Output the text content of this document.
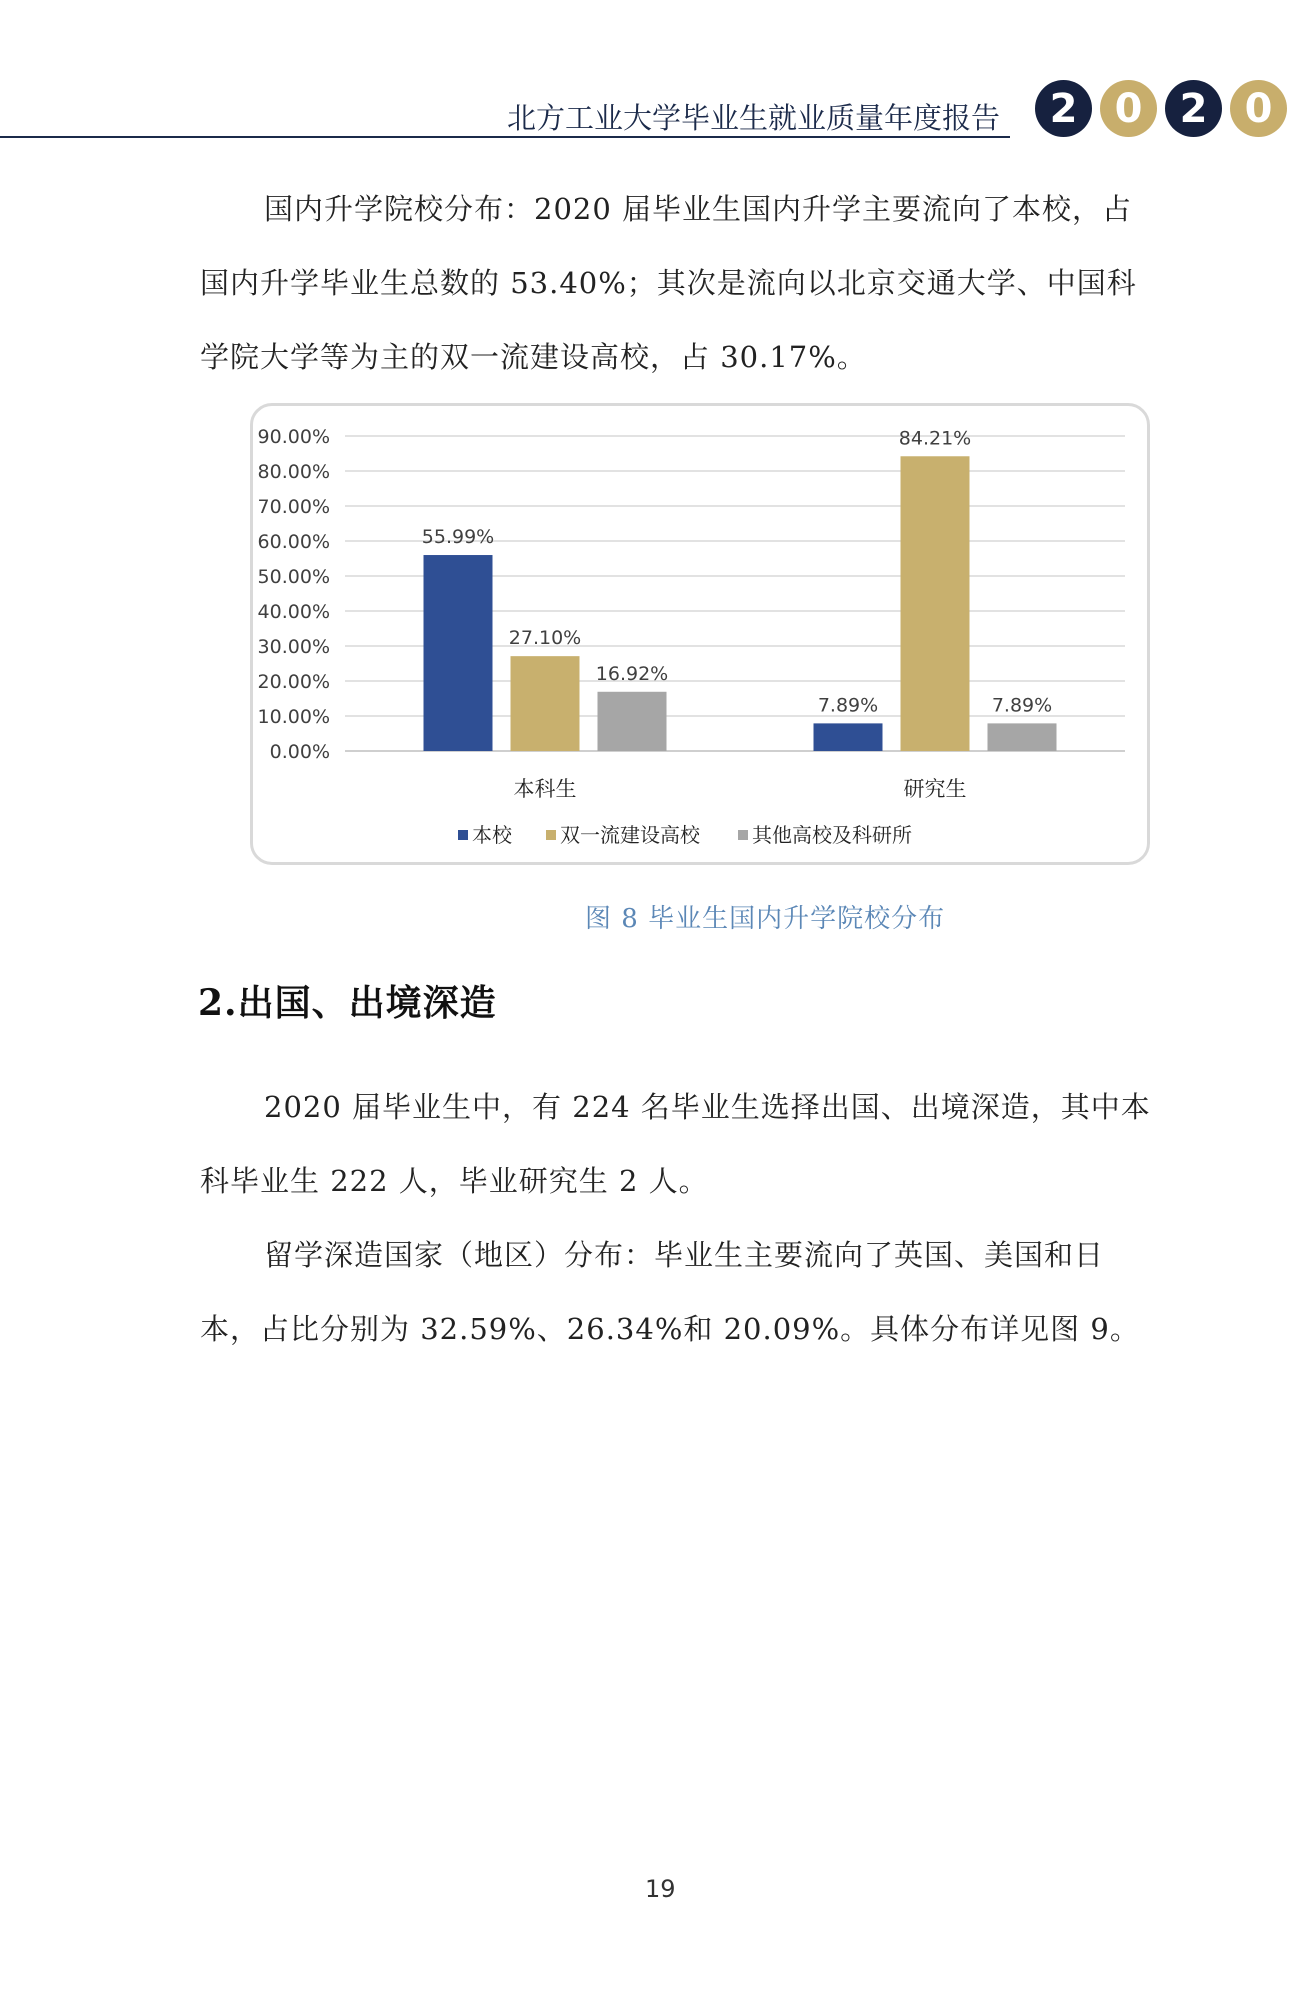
北方工业大学毕业生就业质量年度报告	2 0 2 0
国内升学院校分布：2020 届毕业生国内升学主要流向了本校，占
国内升学毕业生总数的 53.40%；其次是流向以北京交通大学、中国科
学院大学等为主的双一流建设高校，占 30.17%。
0.00%
10.00%
20.00%
30.00%
40.00%
50.00%
60.00%
70.00%
80.00%
90.00%
55.99%
27.10%
16.92%
本科生
7.89%
84.21%
7.89%
研究生
本校 双一流建设高校	其他高校及科研所
图 8 毕业生国内升学院校分布
2.出国、出境深造
2020 届毕业生中，有 224 名毕业生选择出国、出境深造，其中本
科毕业生 222 人，毕业研究生 2 人。
留学深造国家（地区）分布：毕业生主要流向了英国、美国和日
本，占比分别为 32.59%、26.34%和 20.09%。具体分布详见图 9。
19
